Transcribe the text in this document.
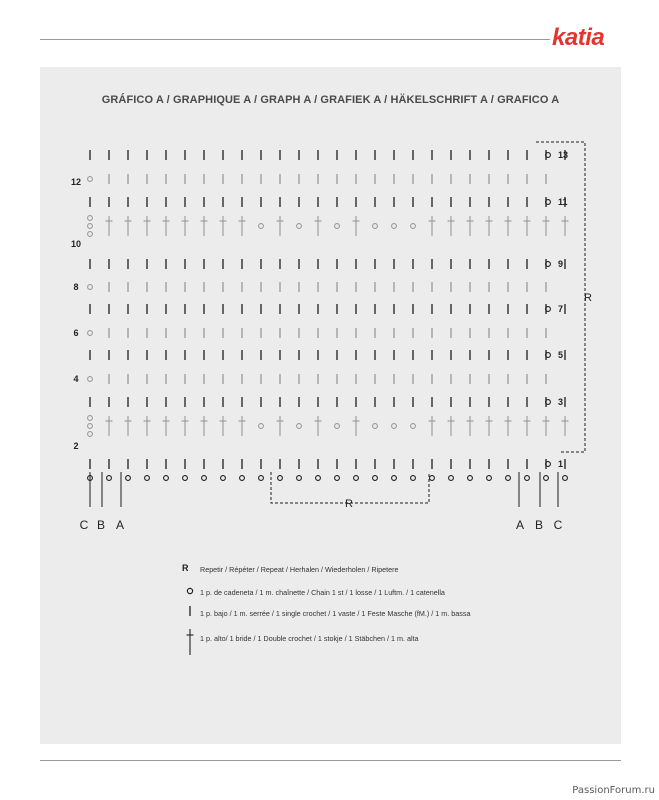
katia
GRÁFICO A / GRAPHIQUE A / GRAPH A / GRAFIEK A / HÄKELSCHRIFT A / GRAFICO A
2
4
6
8
10
12
1
3
5
7
9
11
13
R
R
C B A	A B C
R Repetir / Répéter / Repeat / Herhalen / Wiederholen / Ripetere
1 p. de cadeneta / 1 m. chaînette / Chain 1 st / 1 losse / 1 Luftm. / 1 catenella
1 p. bajo / 1 m. serrée / 1 single crochet / 1 vaste / 1 Feste Masche (fM.) / 1 m. bassa
1 p. alto/ 1 bride / 1 Double crochet / 1 stokje / 1 Stäbchen / 1 m. alta
PassionForum.ru
